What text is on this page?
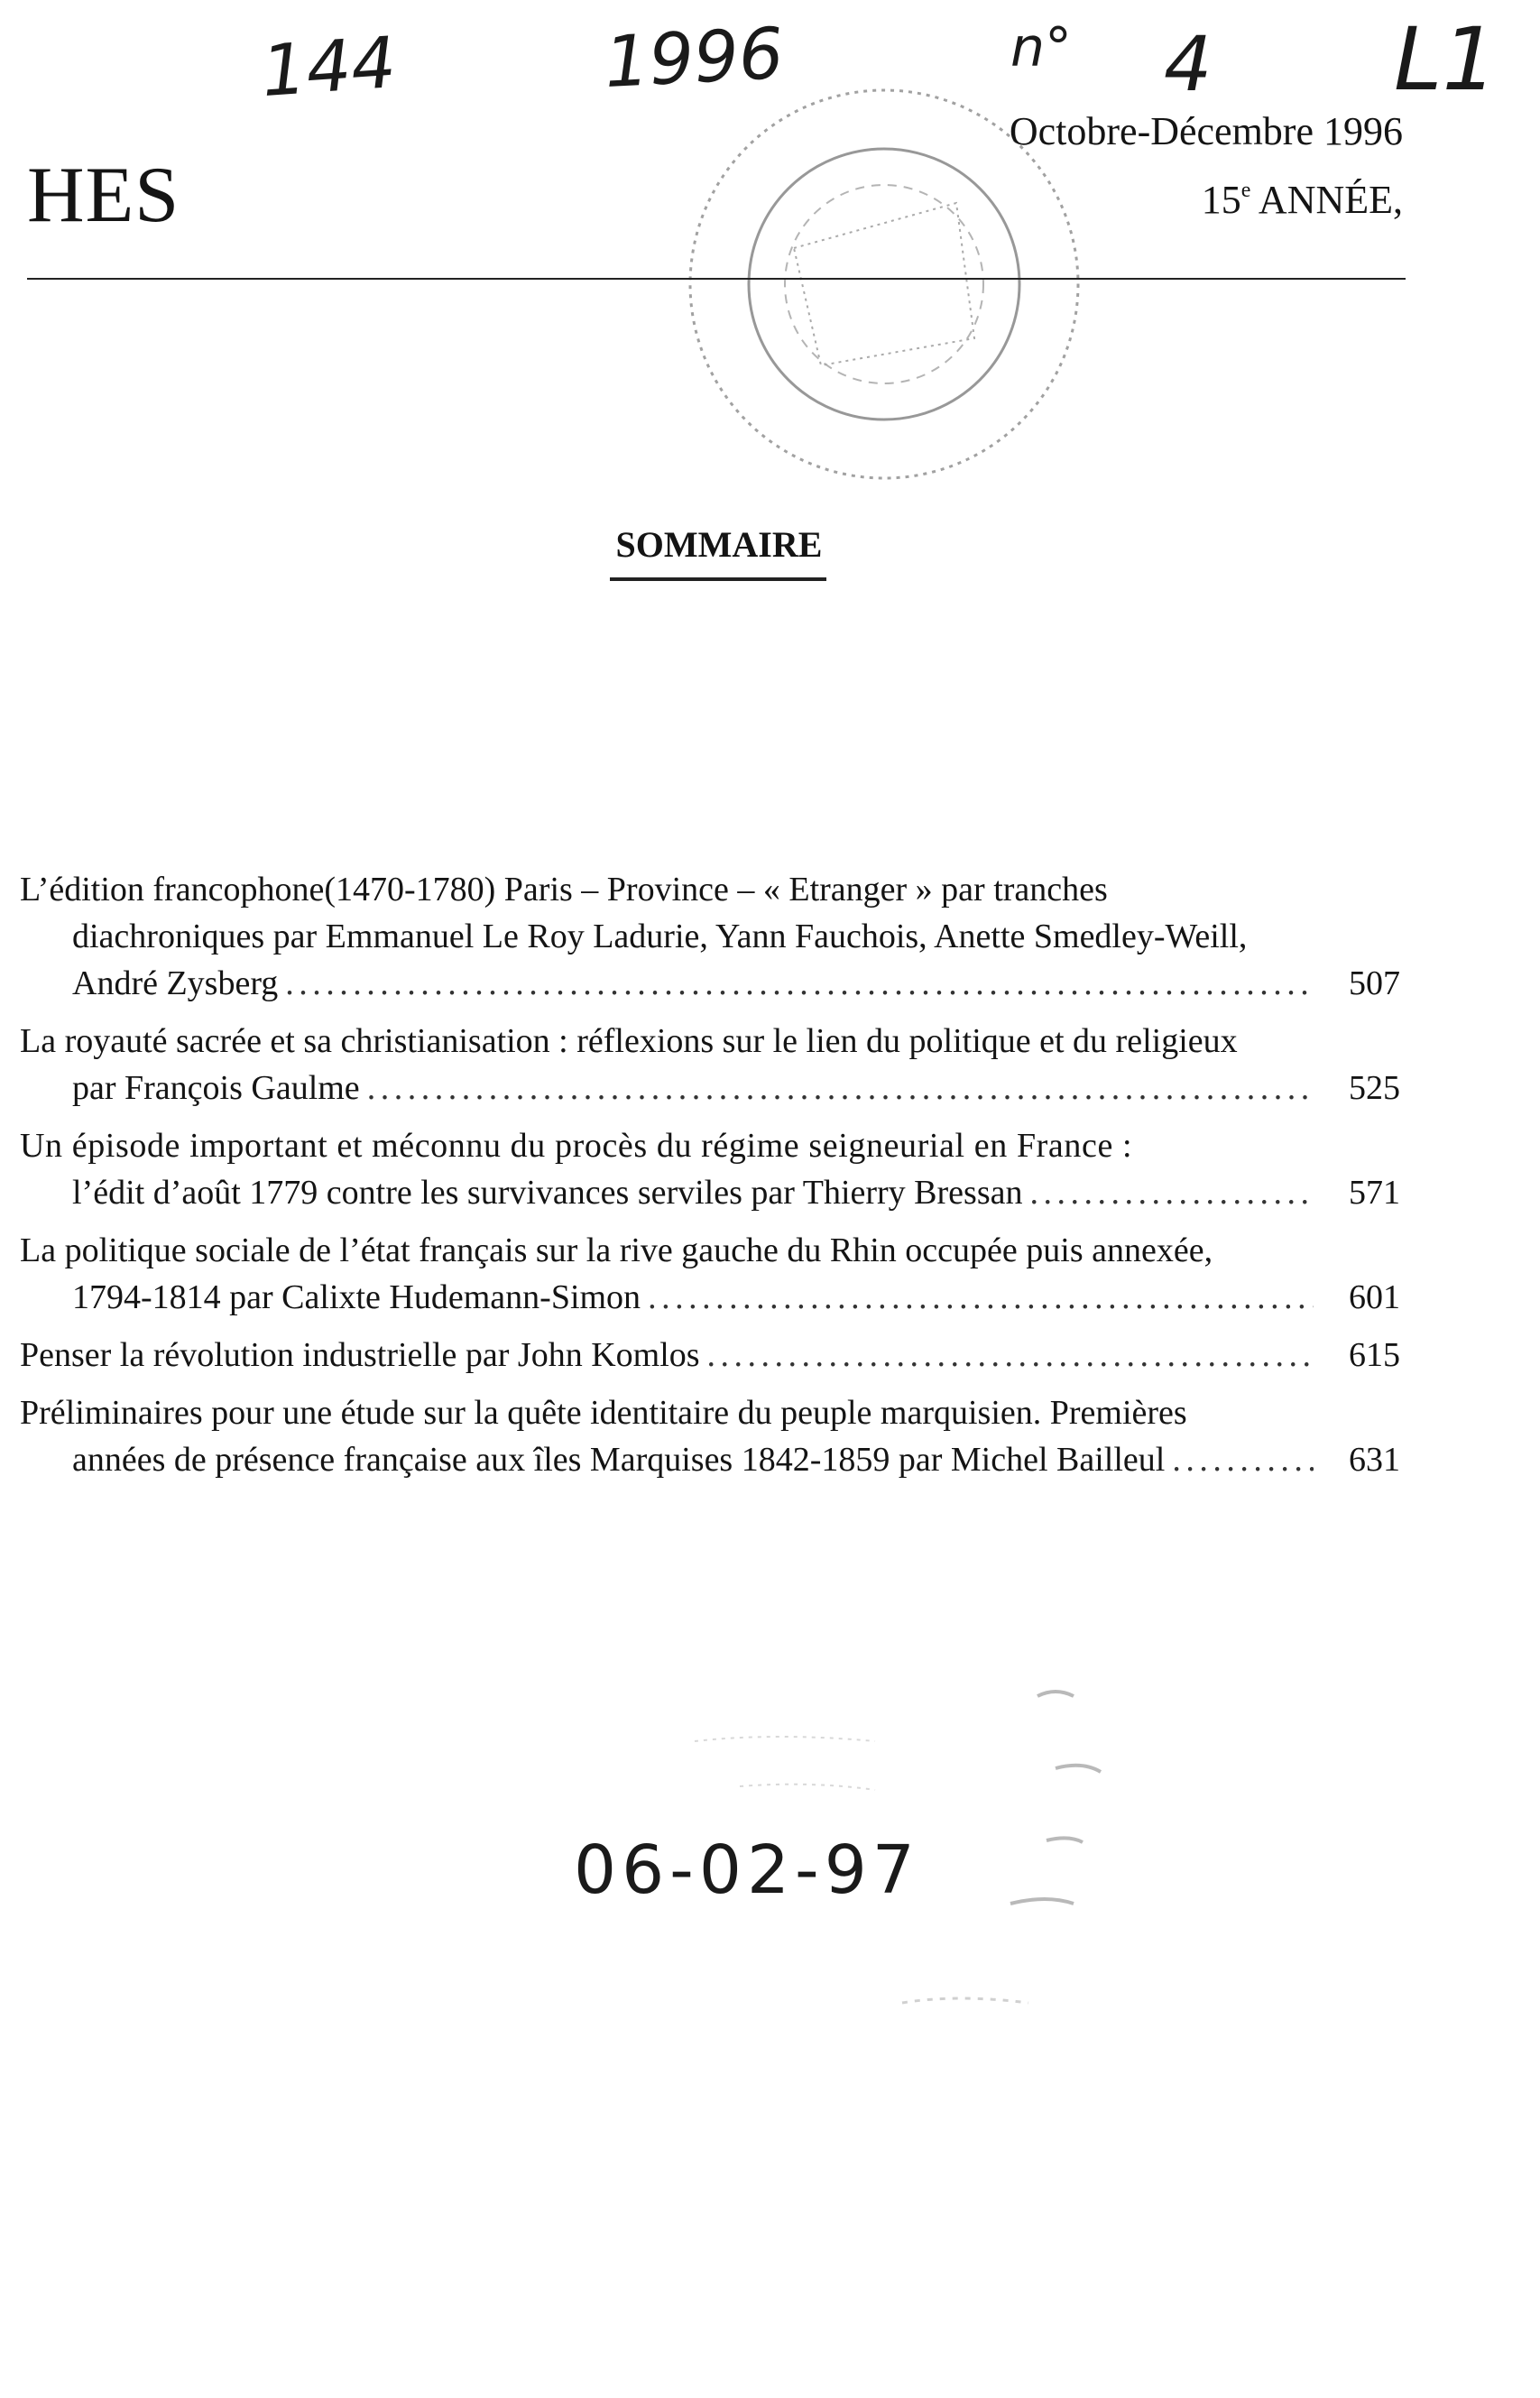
144	1996	n° 4 L1
HES
Octobre-Décembre 1996
15e ANNÉE,
SOMMAIRE
L’édition francophone(1470-1780) Paris – Province – « Etranger » par tranches
diachroniques par Emmanuel Le Roy Ladurie, Yann Fauchois, Anette Smedley-Weill,
André Zysberg . . .	507
La royauté sacrée et sa christianisation : réflexions sur le lien du politique et du religieux
par François Gaulme . . .	525
Un épisode important et méconnu du procès du régime seigneurial en France :
l’édit d’août 1779 contre les survivances serviles par Thierry Bressan . . .	571
La politique sociale de l’état français sur la rive gauche du Rhin occupée puis annexée,
1794-1814 par Calixte Hudemann-Simon . . .	601
Penser la révolution industrielle par John Komlos . . .	615
Préliminaires pour une étude sur la quête identitaire du peuple marquisien. Premières
années de présence française aux îles Marquises 1842-1859 par Michel Bailleul . . .	631
06-02-97
